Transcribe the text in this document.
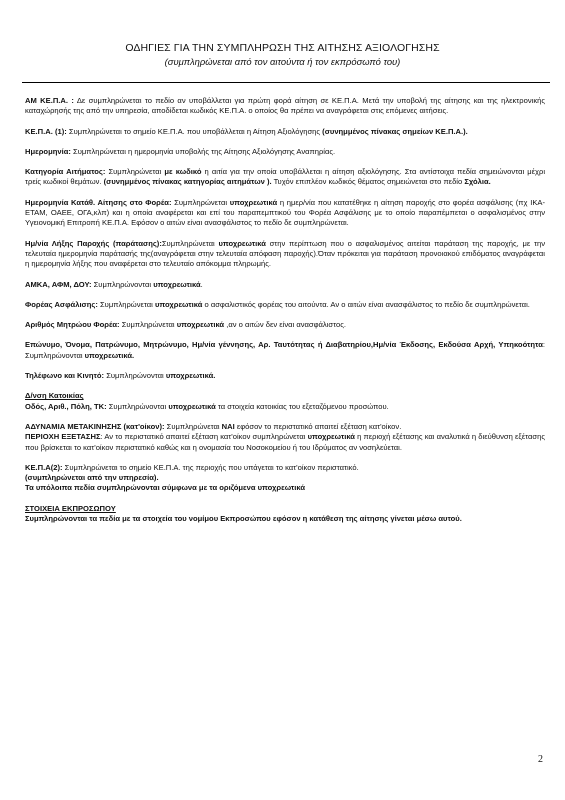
ΟΔΗΓΙΕΣ ΓΙΑ ΤΗΝ ΣΥΜΠΛΗΡΩΣΗ ΤΗΣ ΑΙΤΗΣΗΣ ΑΞΙΟΛΟΓΗΣΗΣ
(συμπληρώνεται από τον αιτούντα ή τον εκπρόσωπό του)

ΑΜ ΚΕ.Π.Α. : Δε συμπληρώνεται το πεδίο αν υποβάλλεται για πρώτη φορά αίτηση σε ΚΕ.Π.Α. Μετά την υποβολή της αίτησης και της ηλεκτρονικής καταχώρησής της από την υπηρεσία, αποδίδεται κωδικός ΚΕ.Π.Α. ο οποίος θα πρέπει να αναγράφεται στις επόμενες αιτήσεις.

ΚΕ.Π.Α. (1): Συμπληρώνεται το σημείο ΚΕ.Π.Α. που υποβάλλεται η Αίτηση Αξιολόγησης (συνημμένος πίνακας σημείων ΚΕ.Π.Α.).

Ημερομηνία: Συμπληρώνεται η ημερομηνία υποβολής της Αίτησης Αξιολόγησης Αναπηρίας.

Κατηγορία Αιτήματος: Συμπληρώνεται με κωδικό η αιτία για την οποία υποβάλλεται η αίτηση αξιολόγησης. Στα αντίστοιχα πεδία σημειώνονται μέχρι τρείς κωδικοί θεμάτων. (συνημμένος πίνακας κατηγορίας αιτημάτων ). Τυχόν επιπλέον κωδικός θέματος σημειώνεται στο πεδίο Σχόλια.

Ημερομηνία Κατάθ. Αίτησης στο Φορέα: Συμπληρώνεται υποχρεωτικά η ημερ/νία που κατατέθηκε η αίτηση παροχής στο φορέα ασφάλισης (πχ ΙΚΑ-ΕΤΑΜ, ΟΑΕΕ, ΟΓΑ,κλπ) και η οποία αναφέρεται και επί του παραπεμπτικού του Φορέα Ασφάλισης με το οποίο παραπέμπεται ο ασφαλισμένος στην Υγειονομική Επιτροπή ΚΕ.Π.Α. Εφόσον ο αιτών είναι ανασφάλιστος το πεδίο δε συμπληρώνεται.

Ημ/νία Λήξης Παροχής (παράτασης):Συμπληρώνεται υποχρεωτικά στην περίπτωση που ο ασφαλισμένος αιτείται παράταση της παροχής, με την τελευταία ημερομηνία παράτασής της(αναγράφεται στην τελευταία απόφαση παροχής).Όταν πρόκειται για παράταση προνοιακού επιδόματος αναγράφεται η ημερομηνία λήξης που αναφέρεται στο τελευταίο απόκομμα πληρωμής.

ΑΜΚΑ, ΑΦΜ, ΔΟΥ: Συμπληρώνονται υποχρεωτικά.

Φορέας Ασφάλισης: Συμπληρώνεται υποχρεωτικά ο ασφαλιστικός φορέας του αιτούντα. Αν ο αιτών είναι ανασφάλιστος το πεδίο δε συμπληρώνεται.

Αριθμός Μητρώου Φορέα: Συμπληρώνεται υποχρεωτικά ,αν ο αιτών δεν είναι ανασφάλιστος.

Επώνυμο, Όνομα, Πατρώνυμο, Μητρώνυμο, Ημ/νία γέννησης, Αρ. Ταυτότητας ή Διαβατηρίου,Ημ/νία Έκδοσης, Εκδούσα Αρχή, Υπηκοότητα: Συμπληρώνονται υποχρεωτικά.

Τηλέφωνο και Κινητό: Συμπληρώνονται υποχρεωτικά.

Δ/νση Κατοικίας
Οδός, Αριθ., Πόλη, ΤΚ: Συμπληρώνονται υποχρεωτικά τα στοιχεία κατοικίας του εξεταζόμενου προσώπου.

ΑΔΥΝΑΜΙΑ ΜΕΤΑΚΙΝΗΣΗΣ (κατ'οίκον): Συμπληρώνεται ΝΑΙ εφόσον το περιστατικό απαιτεί εξέταση κατ'οίκον.
ΠΕΡΙΟΧΗ ΕΞΕΤΑΣΗΣ: Αν το περιστατικό απαιτεί εξέταση κατ'οίκον συμπληρώνεται υποχρεωτικά η περιοχή εξέτασης και αναλυτικά η διεύθυνση εξέτασης που βρίσκεται το κατ'οίκον περιστατικό καθώς και η ονομασία του Νοσοκομείου ή του Ιδρύματος αν νοσηλεύεται.

ΚΕ.Π.Α(2): Συμπληρώνεται το σημείο ΚΕ.Π.Α. της περιοχής που υπάγεται το κατ'οίκον περιστατικό.
(συμπληρώνεται από την υπηρεσία).
Τα υπόλοιπα πεδία συμπληρώνονται σύμφωνα με τα οριζόμενα υποχρεωτικά

ΣΤΟΙΧΕΙΑ ΕΚΠΡΟΣΩΠΟΥ
Συμπληρώνονται τα πεδία με τα στοιχεία του νομίμου Εκπροσώπου εφόσον η κατάθεση της αίτησης γίνεται μέσω αυτού.

2
